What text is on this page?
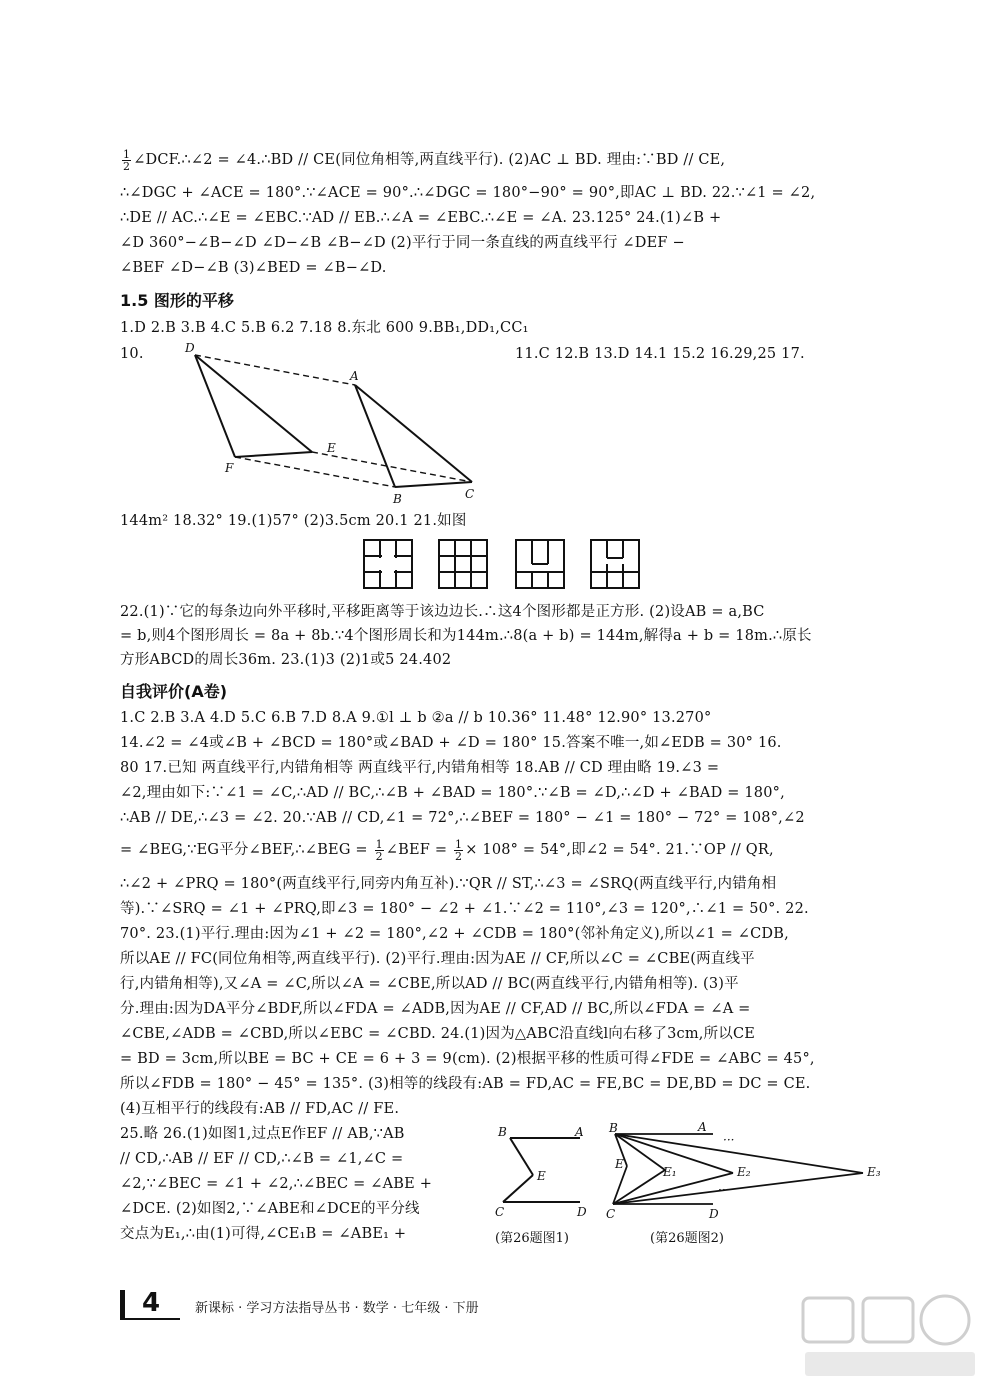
$\frac{1}{2}$ ∠DCF.∴∠2 = ∠4.∴BD // CE(同位角相等,两直线平行). (2)AC ⊥ BD. 理由:∵BD // CE,
∴∠DGC + ∠ACE = 180°.∵∠ACE = 90°.∴∠DGC = 180°−90° = 90°,即AC ⊥ BD. 22.∵∠1 = ∠2,
∴DE // AC.∴∠E = ∠EBC.∵AD // EB.∴∠A = ∠EBC.∴∠E = ∠A. 23.125° 24.(1)∠B +
∠D 360°−∠B−∠D ∠D−∠B ∠B−∠D (2)平行于同一条直线的两直线平行 ∠DEF −
∠BEF ∠D−∠B (3)∠BED = ∠B−∠D.
1.5 图形的平移
1.D 2.B 3.B 4.C 5.B 6.2 7.18 8.东北 600 9.BB₁,DD₁,CC₁
10.	11.C 12.B 13.D 14.1 15.2 16.29,25 17.
D
A
E
F
B	C
144m² 18.32° 19.(1)57° (2)3.5cm 20.1 21.如图
22.(1)∵它的每条边向外平移时,平移距离等于该边边长.∴这4个图形都是正方形. (2)设AB = a,BC
= b,则4个图形周长 = 8a + 8b.∵4个图形周长和为144m.∴8(a + b) = 144m,解得a + b = 18m.∴原长
方形ABCD的周长36m. 23.(1)3 (2)1或5 24.402
自我评价(A卷)
1.C 2.B 3.A 4.D 5.C 6.B 7.D 8.A 9.①l ⊥ b ②a // b 10.36° 11.48° 12.90° 13.270°
14.∠2 = ∠4或∠B + ∠BCD = 180°或∠BAD + ∠D = 180° 15.答案不唯一,如∠EDB = 30° 16.
80 17.已知 两直线平行,内错角相等 两直线平行,内错角相等 18.AB // CD 理由略 19.∠3 =
∠2,理由如下:∵∠1 = ∠C,∴AD // BC,∴∠B + ∠BAD = 180°.∵∠B = ∠D,∴∠D + ∠BAD = 180°,
∴AB // DE,∴∠3 = ∠2. 20.∵AB // CD,∠1 = 72°,∴∠BEF = 180° − ∠1 = 180° − 72° = 108°,∠2
= ∠BEG,∵EG平分∠BEF,∴∠BEG = $\frac{1}{2}$ ∠BEF = $\frac{1}{2} \times 108^\circ = 54^\circ$,即∠2 = 54°. 21.∵OP // QR,
∴∠2 + ∠PRQ = 180°(两直线平行,同旁内角互补).∵QR // ST,∴∠3 = ∠SRQ(两直线平行,内错角相
等).∵∠SRQ = ∠1 + ∠PRQ,即∠3 = 180° − ∠2 + ∠1.∵∠2 = 110°,∠3 = 120°,∴∠1 = 50°. 22.
70°. 23.(1)平行.理由:因为∠1 + ∠2 = 180°,∠2 + ∠CDB = 180°(邻补角定义),所以∠1 = ∠CDB,
所以AE // FC(同位角相等,两直线平行). (2)平行.理由:因为AE // CF,所以∠C = ∠CBE(两直线平
行,内错角相等),又∠A = ∠C,所以∠A = ∠CBE,所以AD // BC(两直线平行,内错角相等). (3)平
分.理由:因为DA平分∠BDF,所以∠FDA = ∠ADB,因为AE // CF,AD // BC,所以∠FDA = ∠A =
∠CBE,∠ADB = ∠CBD,所以∠EBC = ∠CBD. 24.(1)因为△ABC沿直线l向右移了3cm,所以CE
= BD = 3cm,所以BE = BC + CE = 6 + 3 = 9(cm). (2)根据平移的性质可得∠FDE = ∠ABC = 45°,
所以∠FDB = 180° − 45° = 135°. (3)相等的线段有:AB = FD,AC = FE,BC = DE,BD = DC = CE.
(4)互相平行的线段有:AB // FD,AC // FE.
25.略 26.(1)如图1,过点E作EF // AB,∵AB
// CD,∴AB // EF // CD,∴∠B = ∠1,∠C =
∠2,∵∠BEC = ∠1 + ∠2,∴∠BEC = ∠ABE +
∠DCE. (2)如图2,∵∠ABE和∠DCE的平分线
交点为E₁,∴由(1)可得,∠CE₁B = ∠ABE₁ +
B	A
E
C	D
(第26题图1)
B	A
···
E
E₁	E₂	E₃
···
C	D
(第26题图2)
4	新课标 · 学习方法指导丛书 · 数学 · 七年级 · 下册
